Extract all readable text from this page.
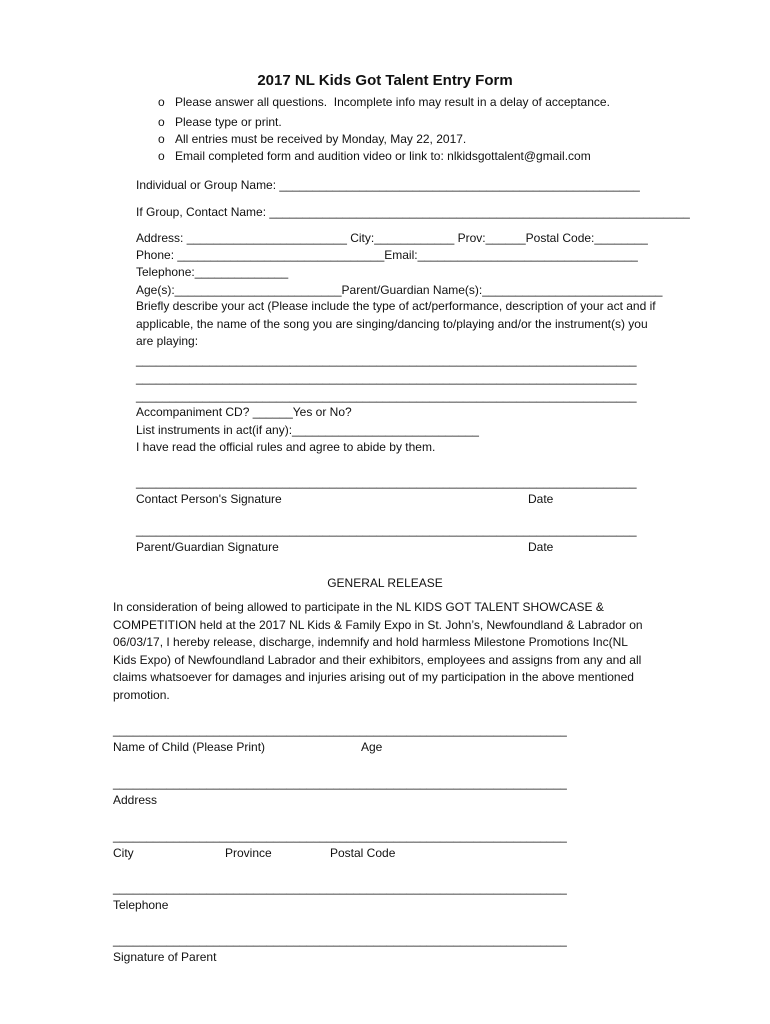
2017 NL Kids Got Talent Entry Form
o Please answer all questions.  Incomplete info may result in a delay of acceptance.
o Please type or print.
o All entries must be received by Monday, May 22, 2017.
o Email completed form and audition video or link to: nlkidsgottalent@gmail.com
Individual or Group Name: ______________________________________________________
If Group, Contact Name: _______________________________________________________________
Address: ________________________ City:____________ Prov:______Postal Code:________
Phone: _______________________________Email:_________________________________
Telephone:______________
Age(s):_________________________Parent/Guardian Name(s):___________________________
Briefly describe your act (Please include the type of act/performance, description of your act and if applicable, the name of the song you are singing/dancing to/playing and/or the instrument(s) you are playing:
___________________________________________________________________________
___________________________________________________________________________
___________________________________________________________________________
Accompaniment CD? ______Yes or No?
List instruments in act(if any):____________________________
I have read the official rules and agree to abide by them.
___________________________________________________________________________
Contact Person's Signature	Date
___________________________________________________________________________
Parent/Guardian Signature	Date
GENERAL RELEASE
In consideration of being allowed to participate in the NL KIDS GOT TALENT SHOWCASE & COMPETITION held at the 2017 NL Kids & Family Expo in St. John’s, Newfoundland & Labrador on 06/03/17, I hereby release, discharge, indemnify and hold harmless Milestone Promotions Inc(NL Kids Expo) of Newfoundland Labrador and their exhibitors, employees and assigns from any and all claims whatsoever for damages and injuries arising out of my participation in the above mentioned promotion.
____________________________________________________________________
Name of Child (Please Print)	Age
____________________________________________________________________
Address
____________________________________________________________________
City	Province	Postal Code
____________________________________________________________________
Telephone
____________________________________________________________________
Signature of Parent
